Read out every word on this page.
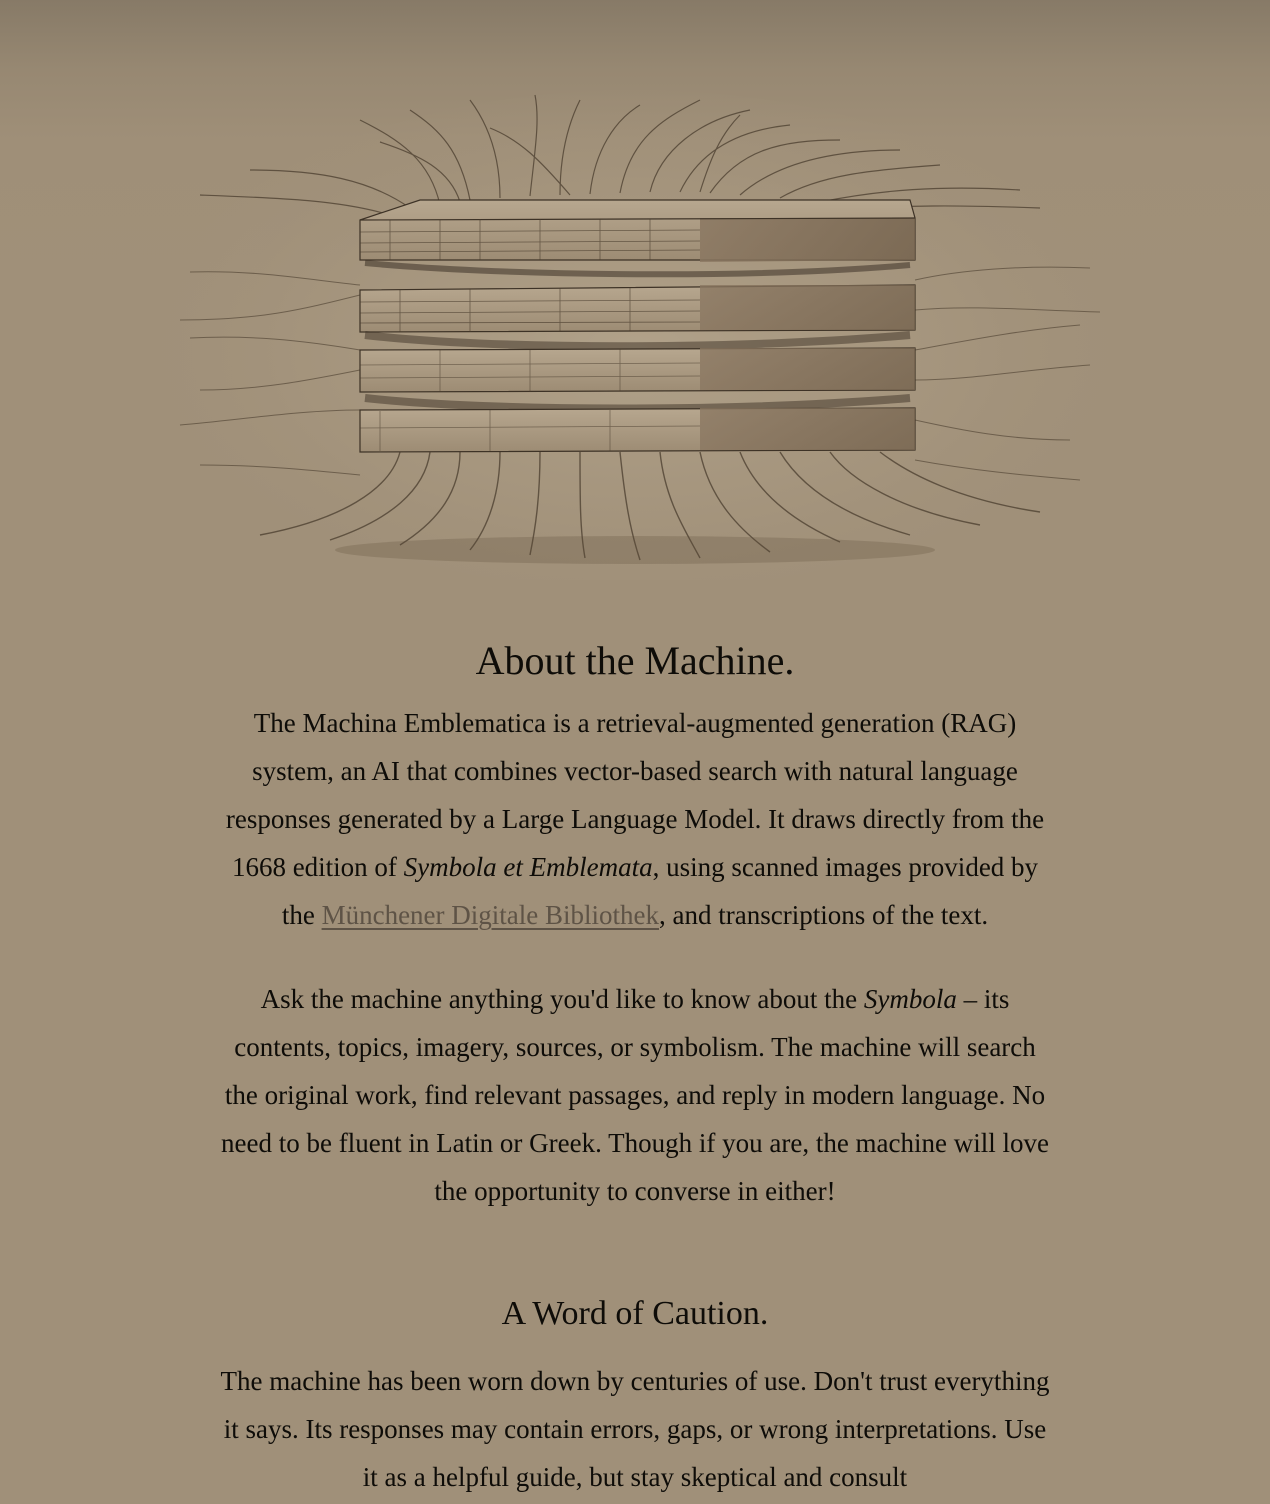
About the Machine.

The Machina Emblematica is a retrieval-augmented generation (RAG) system, an AI that combines vector-based search with natural language responses generated by a Large Language Model. It draws directly from the 1668 edition of Symbola et Emblemata, using scanned images provided by the Münchener Digitale Bibliothek, and transcriptions of the text.

Ask the machine anything you'd like to know about the Symbola – its contents, topics, imagery, sources, or symbolism. The machine will search the original work, find relevant passages, and reply in modern language. No need to be fluent in Latin or Greek. Though if you are, the machine will love the opportunity to converse in either!

A Word of Caution.

The machine has been worn down by centuries of use. Don't trust everything it says. Its responses may contain errors, gaps, or wrong interpretations. Use it as a helpful guide, but stay skeptical and consult
